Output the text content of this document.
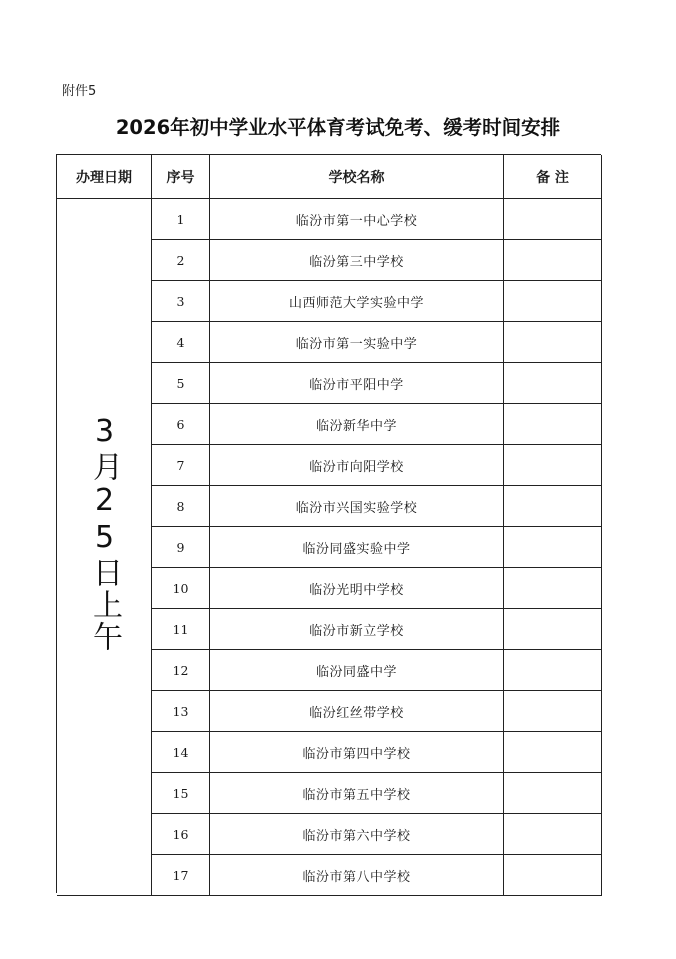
附件5
2026年初中学业水平体育考试免考、缓考时间安排
办理日期	序号	学校名称	备 注
3月25日上午
1	临汾市第一中心学校
2	临汾第三中学校
3	山西师范大学实验中学
4	临汾市第一实验中学
5	临汾市平阳中学
6	临汾新华中学
7	临汾市向阳学校
8	临汾市兴国实验学校
9	临汾同盛实验中学
10	临汾光明中学校
11	临汾市新立学校
12	临汾同盛中学
13	临汾红丝带学校
14	临汾市第四中学校
15	临汾市第五中学校
16	临汾市第六中学校
17	临汾市第八中学校
